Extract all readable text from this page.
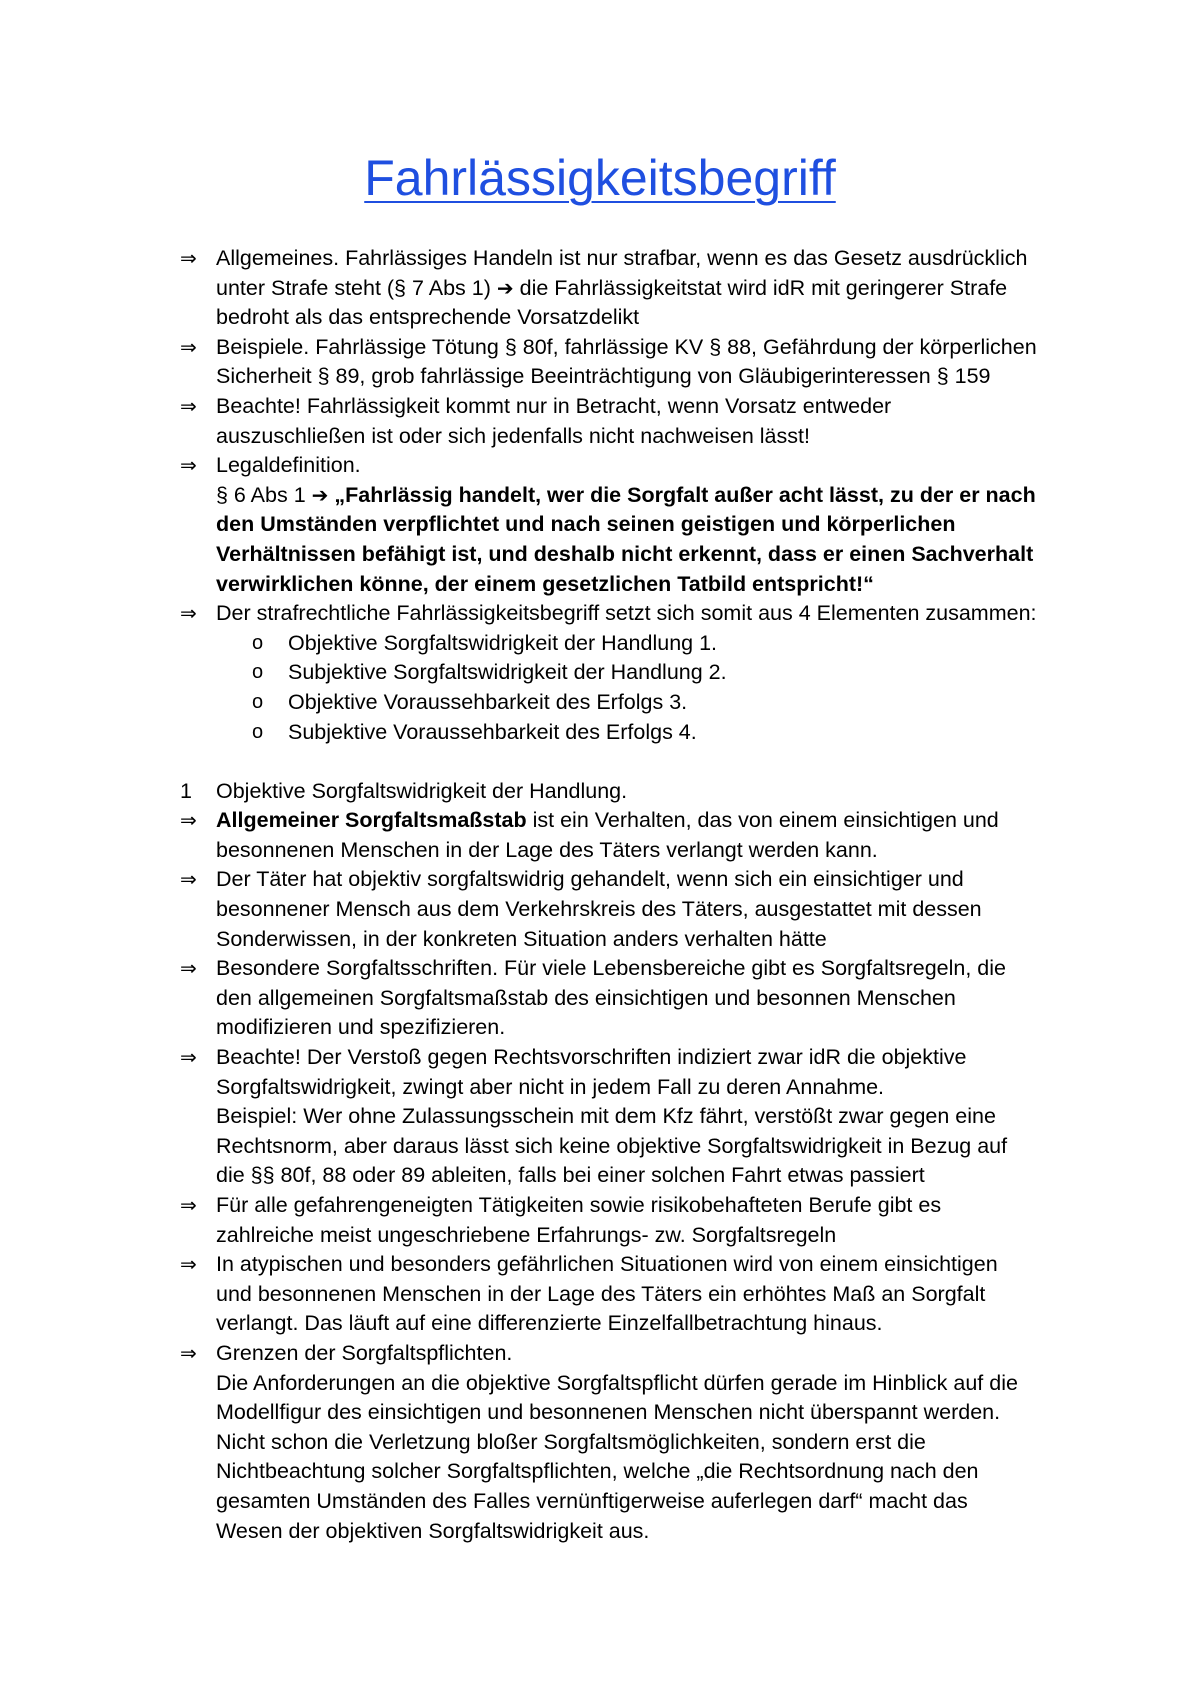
Fahrlässigkeitsbegriff
⇒ Allgemeines. Fahrlässiges Handeln ist nur strafbar, wenn es das Gesetz ausdrücklich
unter Strafe steht (§ 7 Abs 1) ➔ die Fahrlässigkeitstat wird idR mit geringerer Strafe
bedroht als das entsprechende Vorsatzdelikt
⇒ Beispiele. Fahrlässige Tötung § 80f, fahrlässige KV § 88, Gefährdung der körperlichen
Sicherheit § 89, grob fahrlässige Beeinträchtigung von Gläubigerinteressen § 159
⇒ Beachte! Fahrlässigkeit kommt nur in Betracht, wenn Vorsatz entweder
auszuschließen ist oder sich jedenfalls nicht nachweisen lässt!
⇒ Legaldefinition.
§ 6 Abs 1 ➔ „Fahrlässig handelt, wer die Sorgfalt außer acht lässt, zu der er nach
den Umständen verpflichtet und nach seinen geistigen und körperlichen
Verhältnissen befähigt ist, und deshalb nicht erkennt, dass er einen Sachverhalt
verwirklichen könne, der einem gesetzlichen Tatbild entspricht!“
⇒ Der strafrechtliche Fahrlässigkeitsbegriff setzt sich somit aus 4 Elementen zusammen:
o Objektive Sorgfaltswidrigkeit der Handlung 1.
o Subjektive Sorgfaltswidrigkeit der Handlung 2.
o Objektive Voraussehbarkeit des Erfolgs 3.
o Subjektive Voraussehbarkeit des Erfolgs 4.
1	Objektive Sorgfaltswidrigkeit der Handlung.
⇒ Allgemeiner Sorgfaltsmaßstab ist ein Verhalten, das von einem einsichtigen und
besonnenen Menschen in der Lage des Täters verlangt werden kann.
⇒ Der Täter hat objektiv sorgfaltswidrig gehandelt, wenn sich ein einsichtiger und
besonnener Mensch aus dem Verkehrskreis des Täters, ausgestattet mit dessen
Sonderwissen, in der konkreten Situation anders verhalten hätte
⇒ Besondere Sorgfaltsschriften. Für viele Lebensbereiche gibt es Sorgfaltsregeln, die
den allgemeinen Sorgfaltsmaßstab des einsichtigen und besonnen Menschen
modifizieren und spezifizieren.
⇒ Beachte! Der Verstoß gegen Rechtsvorschriften indiziert zwar idR die objektive
Sorgfaltswidrigkeit, zwingt aber nicht in jedem Fall zu deren Annahme.
Beispiel: Wer ohne Zulassungsschein mit dem Kfz fährt, verstößt zwar gegen eine
Rechtsnorm, aber daraus lässt sich keine objektive Sorgfaltswidrigkeit in Bezug auf
die §§ 80f, 88 oder 89 ableiten, falls bei einer solchen Fahrt etwas passiert
⇒ Für alle gefahrengeneigten Tätigkeiten sowie risikobehafteten Berufe gibt es
zahlreiche meist ungeschriebene Erfahrungs- zw. Sorgfaltsregeln
⇒ In atypischen und besonders gefährlichen Situationen wird von einem einsichtigen
und besonnenen Menschen in der Lage des Täters ein erhöhtes Maß an Sorgfalt
verlangt. Das läuft auf eine differenzierte Einzelfallbetrachtung hinaus.
⇒ Grenzen der Sorgfaltspflichten.
Die Anforderungen an die objektive Sorgfaltspflicht dürfen gerade im Hinblick auf die
Modellfigur des einsichtigen und besonnenen Menschen nicht überspannt werden.
Nicht schon die Verletzung bloßer Sorgfaltsmöglichkeiten, sondern erst die
Nichtbeachtung solcher Sorgfaltspflichten, welche „die Rechtsordnung nach den
gesamten Umständen des Falles vernünftigerweise auferlegen darf“ macht das
Wesen der objektiven Sorgfaltswidrigkeit aus.
